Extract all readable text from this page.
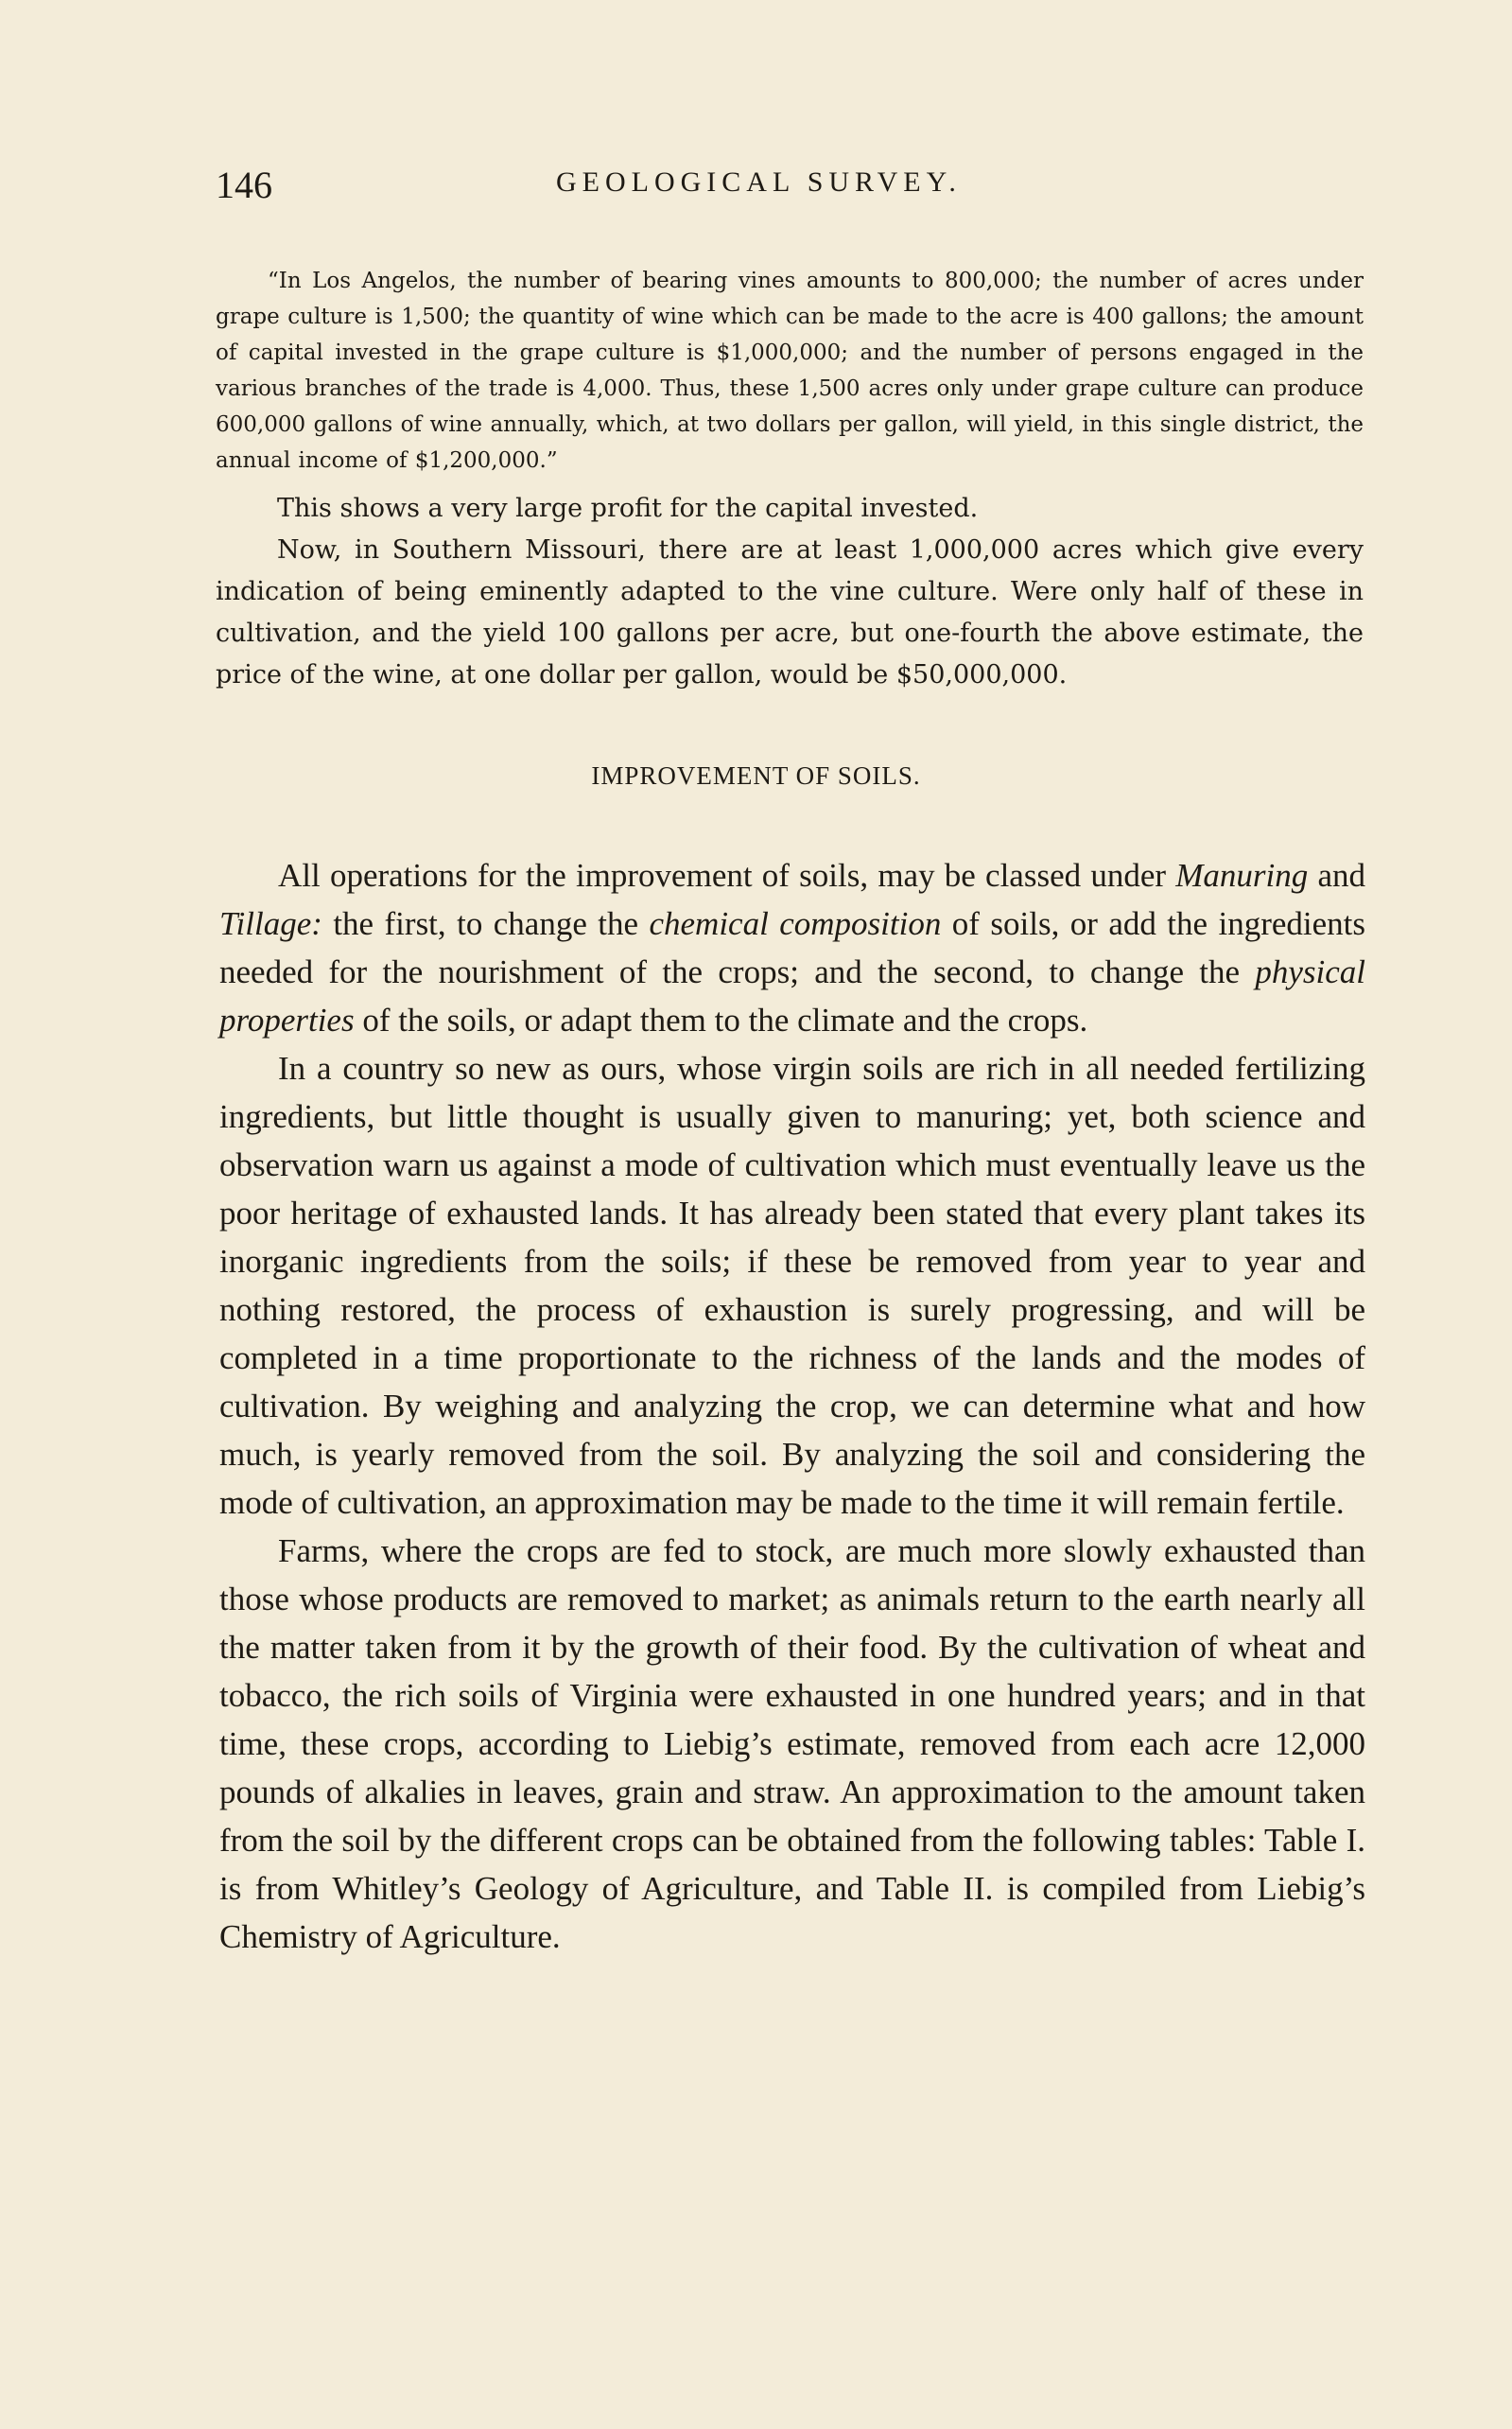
146	GEOLOGICAL SURVEY.

“In Los Angelos, the number of bearing vines amounts to 800,000; the number of acres under grape culture is 1,500; the quantity of wine which can be made to the acre is 400 gallons; the amount of capital invested in the grape culture is $1,000,000; and the number of persons engaged in the various branches of the trade is 4,000. Thus, these 1,500 acres only under grape culture can produce 600,000 gallons of wine annually, which, at two dollars per gallon, will yield, in this single district, the annual income of $1,200,000.”

This shows a very large profit for the capital invested.

Now, in Southern Missouri, there are at least 1,000,000 acres which give every indication of being eminently adapted to the vine culture. Were only half of these in cultivation, and the yield 100 gallons per acre, but one-fourth the above estimate, the price of the wine, at one dollar per gallon, would be $50,000,000.

IMPROVEMENT OF SOILS.

All operations for the improvement of soils, may be classed under Manuring and Tillage: the first, to change the chemical composition of soils, or add the ingredients needed for the nourishment of the crops; and the second, to change the physical properties of the soils, or adapt them to the climate and the crops.

In a country so new as ours, whose virgin soils are rich in all needed fertilizing ingredients, but little thought is usually given to manuring; yet, both science and observation warn us against a mode of cultivation which must eventually leave us the poor heritage of exhausted lands. It has already been stated that every plant takes its inorganic ingredients from the soils; if these be removed from year to year and nothing restored, the process of exhaustion is surely progressing, and will be completed in a time proportionate to the richness of the lands and the modes of cultivation. By weighing and analyzing the crop, we can determine what and how much, is yearly removed from the soil. By analyzing the soil and considering the mode of cultivation, an approximation may be made to the time it will remain fertile.

Farms, where the crops are fed to stock, are much more slowly exhausted than those whose products are removed to market; as animals return to the earth nearly all the matter taken from it by the growth of their food. By the cultivation of wheat and tobacco, the rich soils of Virginia were exhausted in one hundred years; and in that time, these crops, according to Liebig’s estimate, removed from each acre 12,000 pounds of alkalies in leaves, grain and straw. An approximation to the amount taken from the soil by the different crops can be obtained from the following tables: Table I. is from Whitley’s Geology of Agriculture, and Table II. is compiled from Liebig’s Chemistry of Agriculture.
